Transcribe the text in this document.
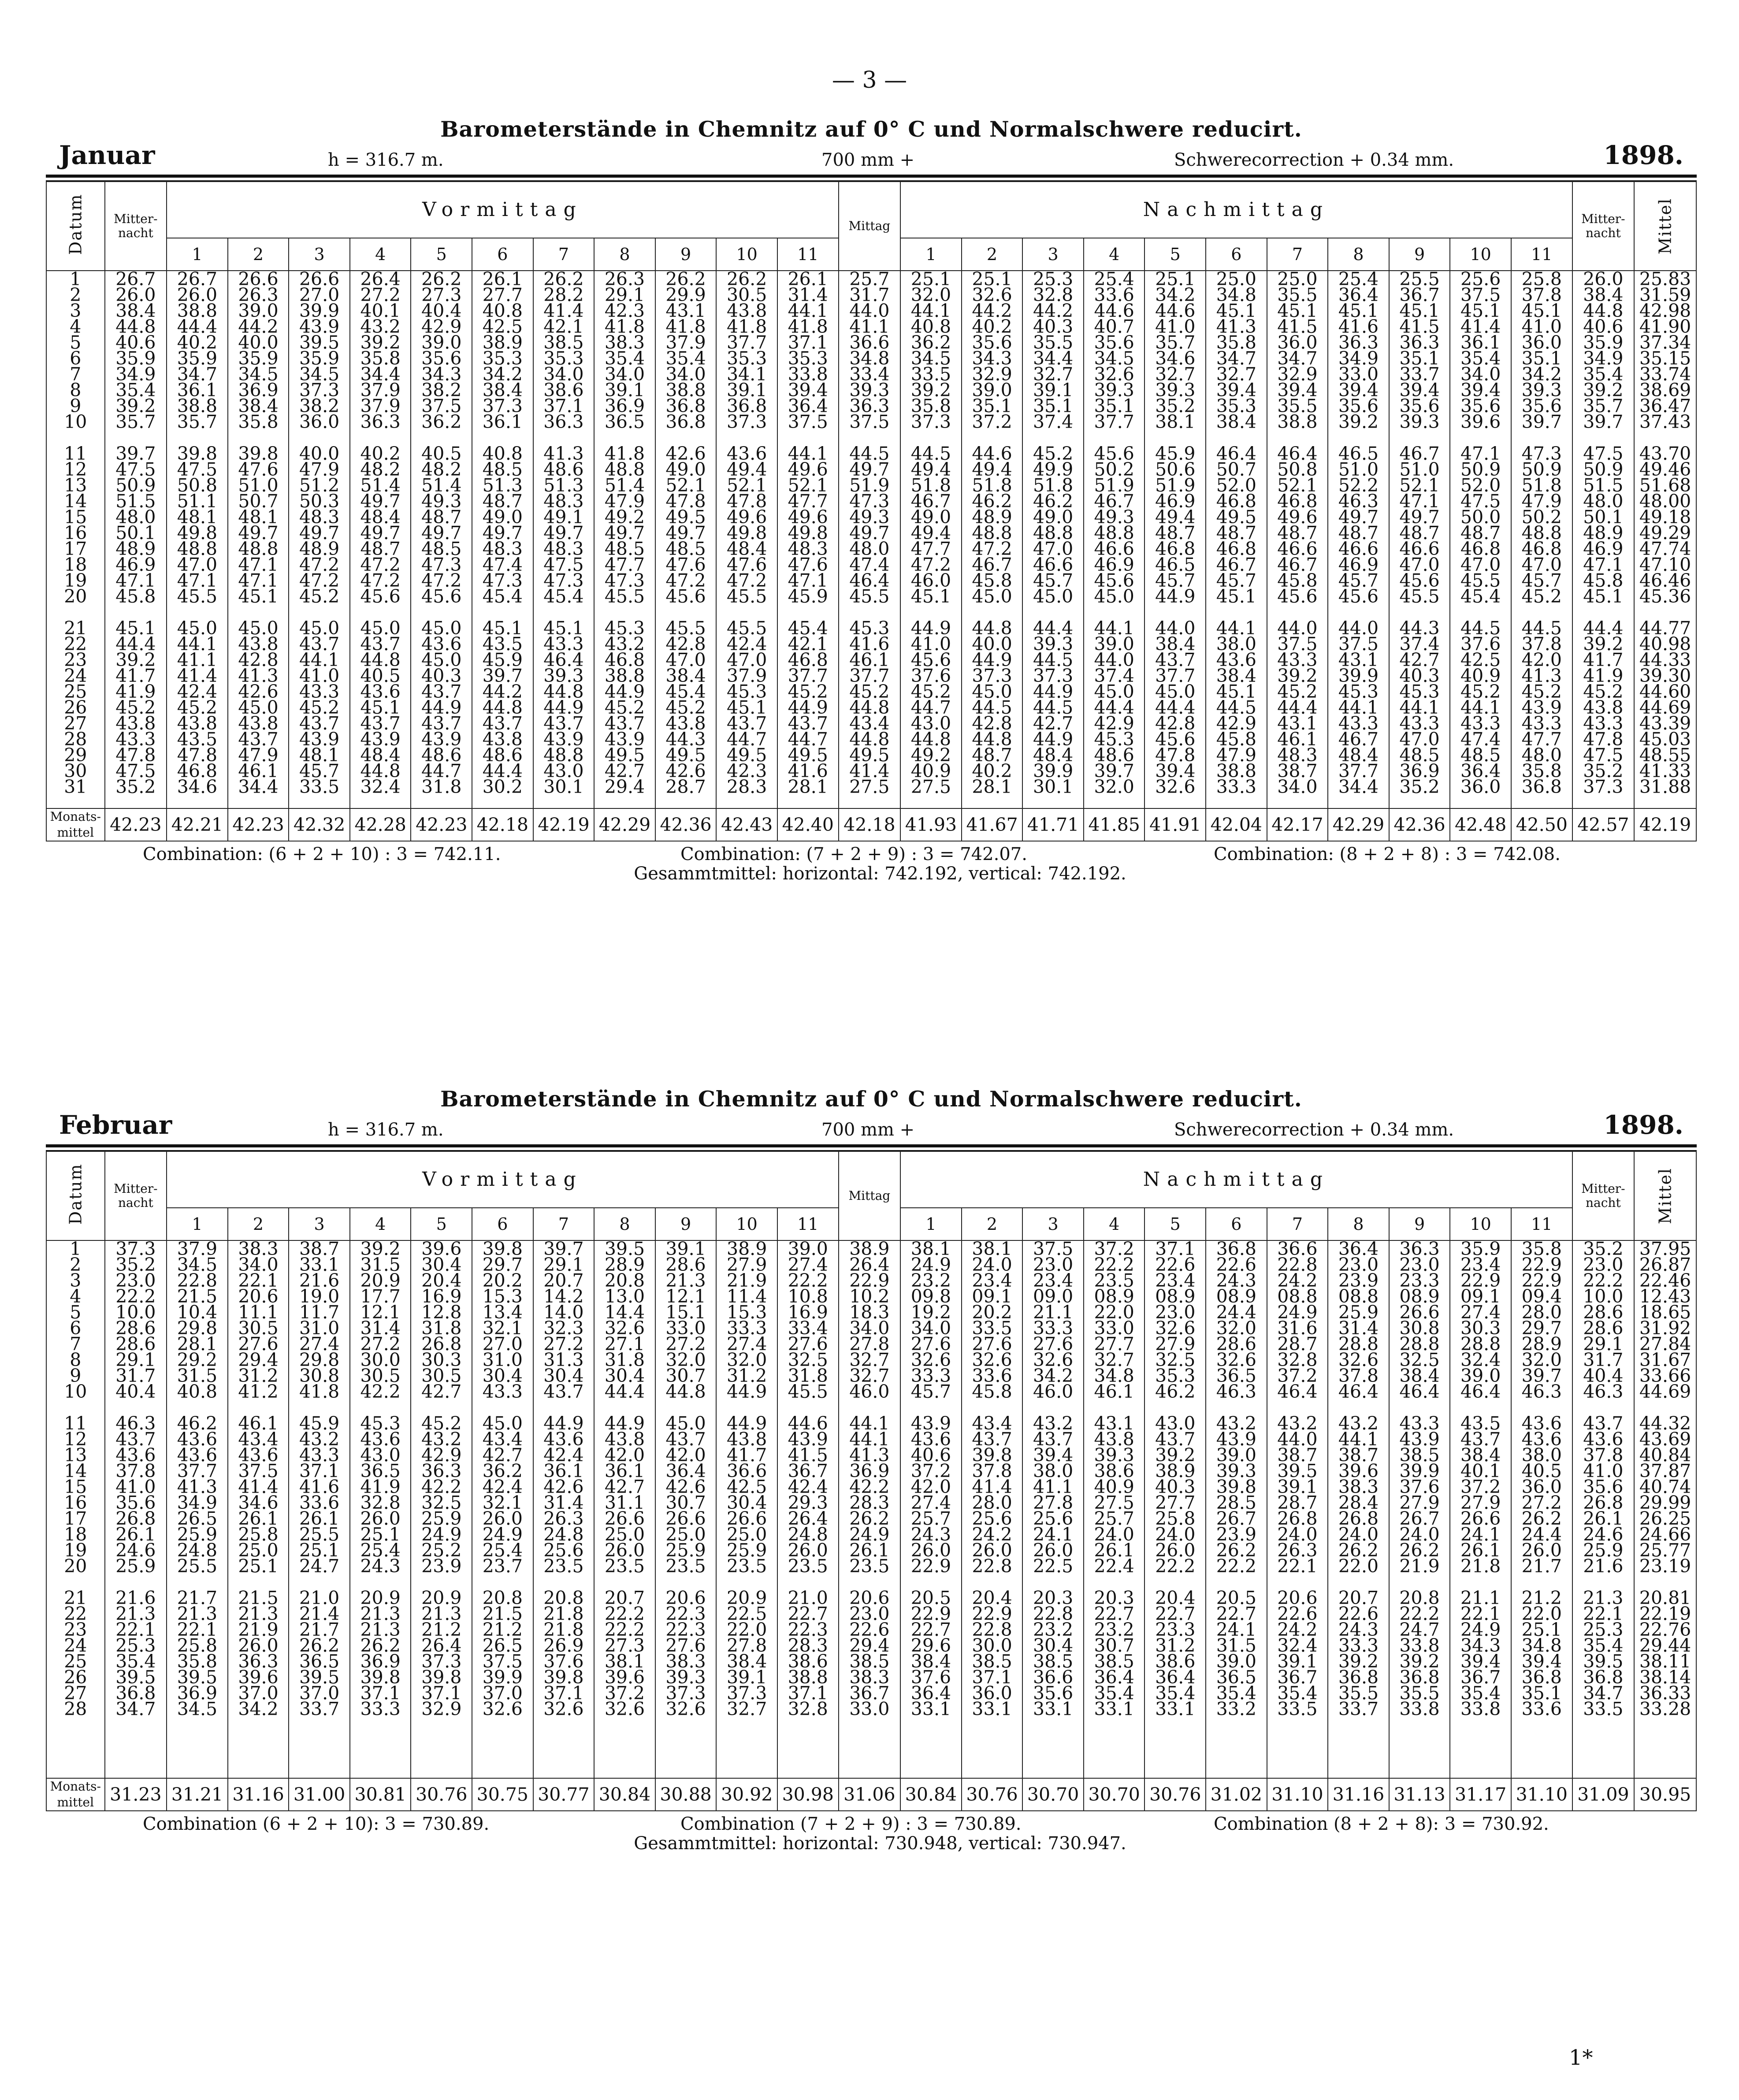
— 3 —
Barometerstände in Chemnitz auf 0° C und Normalschwere reducirt.
Januar	h = 316.7 m.	700 mm +	Schwerecorrection + 0.34 mm.	1898.
Datum	Mitter-nacht	Vormittag											Mittag	Nachmittag											Mitter-nacht	Mittel

		1	2	3	4	5	6	7	8	9	10	11		1	2	3	4	5	6	7	8	9	10	11		
1	26.7	26.7	26.6	26.6	26.4	26.2	26.1	26.2	26.3	26.2	26.2	26.1	25.7	25.1	25.1	25.3	25.4	25.1	25.0	25.0	25.4	25.5	25.6	25.8	26.0	25.83
2	26.0	26.0	26.3	27.0	27.2	27.3	27.7	28.2	29.1	29.9	30.5	31.4	31.7	32.0	32.6	32.8	33.6	34.2	34.8	35.5	36.4	36.7	37.5	37.8	38.4	31.59
3	38.4	38.8	39.0	39.9	40.1	40.4	40.8	41.4	42.3	43.1	43.8	44.1	44.0	44.1	44.2	44.2	44.6	44.6	45.1	45.1	45.1	45.1	45.1	45.1	44.8	42.98
4	44.8	44.4	44.2	43.9	43.2	42.9	42.5	42.1	41.8	41.8	41.8	41.8	41.1	40.8	40.2	40.3	40.7	41.0	41.3	41.5	41.6	41.5	41.4	41.0	40.6	41.90
5	40.6	40.2	40.0	39.5	39.2	39.0	38.9	38.5	38.3	37.9	37.7	37.1	36.6	36.2	35.6	35.5	35.6	35.7	35.8	36.0	36.3	36.3	36.1	36.0	35.9	37.34
6	35.9	35.9	35.9	35.9	35.8	35.6	35.3	35.3	35.4	35.4	35.3	35.3	34.8	34.5	34.3	34.4	34.5	34.6	34.7	34.7	34.9	35.1	35.4	35.1	34.9	35.15
7	34.9	34.7	34.5	34.5	34.4	34.3	34.2	34.0	34.0	34.0	34.1	33.8	33.4	33.5	32.9	32.7	32.6	32.7	32.7	32.9	33.0	33.7	34.0	34.2	35.4	33.74
8	35.4	36.1	36.9	37.3	37.9	38.2	38.4	38.6	39.1	38.8	39.1	39.4	39.3	39.2	39.0	39.1	39.3	39.3	39.4	39.4	39.4	39.4	39.4	39.3	39.2	38.69
9	39.2	38.8	38.4	38.2	37.9	37.5	37.3	37.1	36.9	36.8	36.8	36.4	36.3	35.8	35.1	35.1	35.1	35.2	35.3	35.5	35.6	35.6	35.6	35.6	35.7	36.47
10	35.7	35.7	35.8	36.0	36.3	36.2	36.1	36.3	36.5	36.8	37.3	37.5	37.5	37.3	37.2	37.4	37.7	38.1	38.4	38.8	39.2	39.3	39.6	39.7	39.7	37.43

11	39.7	39.8	39.8	40.0	40.2	40.5	40.8	41.3	41.8	42.6	43.6	44.1	44.5	44.5	44.6	45.2	45.6	45.9	46.4	46.4	46.5	46.7	47.1	47.3	47.5	43.70
12	47.5	47.5	47.6	47.9	48.2	48.2	48.5	48.6	48.8	49.0	49.4	49.6	49.7	49.4	49.4	49.9	50.2	50.6	50.7	50.8	51.0	51.0	50.9	50.9	50.9	49.46
13	50.9	50.8	51.0	51.2	51.4	51.4	51.3	51.3	51.4	52.1	52.1	52.1	51.9	51.8	51.8	51.8	51.9	51.9	52.0	52.1	52.2	52.1	52.0	51.8	51.5	51.68
14	51.5	51.1	50.7	50.3	49.7	49.3	48.7	48.3	47.9	47.8	47.8	47.7	47.3	46.7	46.2	46.2	46.7	46.9	46.8	46.8	46.3	47.1	47.5	47.9	48.0	48.00
15	48.0	48.1	48.1	48.3	48.4	48.7	49.0	49.1	49.2	49.5	49.6	49.6	49.3	49.0	48.9	49.0	49.3	49.4	49.5	49.6	49.7	49.7	50.0	50.2	50.1	49.18
16	50.1	49.8	49.7	49.7	49.7	49.7	49.7	49.7	49.7	49.7	49.8	49.8	49.7	49.4	48.8	48.8	48.8	48.7	48.7	48.7	48.7	48.7	48.7	48.8	48.9	49.29
17	48.9	48.8	48.8	48.9	48.7	48.5	48.3	48.3	48.5	48.5	48.4	48.3	48.0	47.7	47.2	47.0	46.6	46.8	46.8	46.6	46.6	46.6	46.8	46.8	46.9	47.74
18	46.9	47.0	47.1	47.2	47.2	47.3	47.4	47.5	47.7	47.6	47.6	47.6	47.4	47.2	46.7	46.6	46.9	46.5	46.7	46.7	46.9	47.0	47.0	47.0	47.1	47.10
19	47.1	47.1	47.1	47.2	47.2	47.2	47.3	47.3	47.3	47.2	47.2	47.1	46.4	46.0	45.8	45.7	45.6	45.7	45.7	45.8	45.7	45.6	45.5	45.7	45.8	46.46
20	45.8	45.5	45.1	45.2	45.6	45.6	45.4	45.4	45.5	45.6	45.5	45.9	45.5	45.1	45.0	45.0	45.0	44.9	45.1	45.6	45.6	45.5	45.4	45.2	45.1	45.36

21	45.1	45.0	45.0	45.0	45.0	45.0	45.1	45.1	45.3	45.5	45.5	45.4	45.3	44.9	44.8	44.4	44.1	44.0	44.1	44.0	44.0	44.3	44.5	44.5	44.4	44.77
22	44.4	44.1	43.8	43.7	43.7	43.6	43.5	43.3	43.2	42.8	42.4	42.1	41.6	41.0	40.0	39.3	39.0	38.4	38.0	37.5	37.5	37.4	37.6	37.8	39.2	40.98
23	39.2	41.1	42.8	44.1	44.8	45.0	45.9	46.4	46.8	47.0	47.0	46.8	46.1	45.6	44.9	44.5	44.0	43.7	43.6	43.3	43.1	42.7	42.5	42.0	41.7	44.33
24	41.7	41.4	41.3	41.0	40.5	40.3	39.7	39.3	38.8	38.4	37.9	37.7	37.7	37.6	37.3	37.3	37.4	37.7	38.4	39.2	39.9	40.3	40.9	41.3	41.9	39.30
25	41.9	42.4	42.6	43.3	43.6	43.7	44.2	44.8	44.9	45.4	45.3	45.2	45.2	45.2	45.0	44.9	45.0	45.0	45.1	45.2	45.3	45.3	45.2	45.2	45.2	44.60
26	45.2	45.2	45.0	45.2	45.1	44.9	44.8	44.9	45.2	45.2	45.1	44.9	44.8	44.7	44.5	44.5	44.4	44.4	44.5	44.4	44.1	44.1	44.1	43.9	43.8	44.69
27	43.8	43.8	43.8	43.7	43.7	43.7	43.7	43.7	43.7	43.8	43.7	43.7	43.4	43.0	42.8	42.7	42.9	42.8	42.9	43.1	43.3	43.3	43.3	43.3	43.3	43.39
28	43.3	43.5	43.7	43.9	43.9	43.9	43.8	43.9	43.9	44.3	44.7	44.7	44.8	44.8	44.8	44.9	45.3	45.6	45.8	46.1	46.7	47.0	47.4	47.7	47.8	45.03
29	47.8	47.8	47.9	48.1	48.4	48.6	48.6	48.8	49.5	49.5	49.5	49.5	49.5	49.2	48.7	48.4	48.6	47.8	47.9	48.3	48.4	48.5	48.5	48.0	47.5	48.55
30	47.5	46.8	46.1	45.7	44.8	44.7	44.4	43.0	42.7	42.6	42.3	41.6	41.4	40.9	40.2	39.9	39.7	39.4	38.8	38.7	37.7	36.9	36.4	35.8	35.2	41.33
31	35.2	34.6	34.4	33.5	32.4	31.8	30.2	30.1	29.4	28.7	28.3	28.1	27.5	27.5	28.1	30.1	32.0	32.6	33.3	34.0	34.4	35.2	36.0	36.8	37.3	31.88

Monats-mittel	42.23	42.21	42.23	42.32	42.28	42.23	42.18	42.19	42.29	42.36	42.43	42.40	42.18	41.93	41.67	41.71	41.85	41.91	42.04	42.17	42.29	42.36	42.48	42.50	42.57	42.19
Combination: (6 + 2 + 10) : 3 = 742.11.	Combination: (7 + 2 + 9) : 3 = 742.07.	Combination: (8 + 2 + 8) : 3 = 742.08.
Gesammtmittel: horizontal: 742.192, vertical: 742.192.
Barometerstände in Chemnitz auf 0° C und Normalschwere reducirt.
Februar	h = 316.7 m.	700 mm +	Schwerecorrection + 0.34 mm.	1898.
Datum	Mitter-nacht	Vormittag											Mittag	Nachmittag											Mitter-nacht	Mittel

		1	2	3	4	5	6	7	8	9	10	11		1	2	3	4	5	6	7	8	9	10	11		
1	37.3	37.9	38.3	38.7	39.2	39.6	39.8	39.7	39.5	39.1	38.9	39.0	38.9	38.1	38.1	37.5	37.2	37.1	36.8	36.6	36.4	36.3	35.9	35.8	35.2	37.95
2	35.2	34.5	34.0	33.1	31.5	30.4	29.7	29.1	28.9	28.6	27.9	27.4	26.4	24.9	24.0	23.0	22.2	22.6	22.6	22.8	23.0	23.0	23.4	22.9	23.0	26.87
3	23.0	22.8	22.1	21.6	20.9	20.4	20.2	20.7	20.8	21.3	21.9	22.2	22.9	23.2	23.4	23.4	23.5	23.4	24.3	24.2	23.9	23.3	22.9	22.9	22.2	22.46
4	22.2	21.5	20.6	19.0	17.7	16.9	15.3	14.2	13.0	12.1	11.4	10.8	10.2	09.8	09.1	09.0	08.9	08.9	08.9	08.8	08.8	08.9	09.1	09.4	10.0	12.43
5	10.0	10.4	11.1	11.7	12.1	12.8	13.4	14.0	14.4	15.1	15.3	16.9	18.3	19.2	20.2	21.1	22.0	23.0	24.4	24.9	25.9	26.6	27.4	28.0	28.6	18.65
6	28.6	29.8	30.5	31.0	31.4	31.8	32.1	32.3	32.6	33.0	33.3	33.4	34.0	34.0	33.5	33.3	33.0	32.6	32.0	31.6	31.4	30.8	30.3	29.7	28.6	31.92
7	28.6	28.1	27.6	27.4	27.2	26.8	27.0	27.2	27.1	27.2	27.4	27.6	27.8	27.6	27.6	27.6	27.7	27.9	28.6	28.7	28.8	28.8	28.8	28.9	29.1	27.84
8	29.1	29.2	29.4	29.8	30.0	30.3	31.0	31.3	31.8	32.0	32.0	32.5	32.7	32.6	32.6	32.6	32.7	32.5	32.6	32.8	32.6	32.5	32.4	32.0	31.7	31.67
9	31.7	31.5	31.2	30.8	30.5	30.5	30.4	30.4	30.4	30.7	31.2	31.8	32.7	33.3	33.6	34.2	34.8	35.3	36.5	37.2	37.8	38.4	39.0	39.7	40.4	33.66
10	40.4	40.8	41.2	41.8	42.2	42.7	43.3	43.7	44.4	44.8	44.9	45.5	46.0	45.7	45.8	46.0	46.1	46.2	46.3	46.4	46.4	46.4	46.4	46.3	46.3	44.69

11	46.3	46.2	46.1	45.9	45.3	45.2	45.0	44.9	44.9	45.0	44.9	44.6	44.1	43.9	43.4	43.2	43.1	43.0	43.2	43.2	43.2	43.3	43.5	43.6	43.7	44.32
12	43.7	43.6	43.4	43.2	43.6	43.2	43.4	43.6	43.8	43.7	43.8	43.9	44.1	43.6	43.7	43.7	43.8	43.7	43.9	44.0	44.1	43.9	43.7	43.6	43.6	43.69
13	43.6	43.6	43.6	43.3	43.0	42.9	42.7	42.4	42.0	42.0	41.7	41.5	41.3	40.6	39.8	39.4	39.3	39.2	39.0	38.7	38.7	38.5	38.4	38.0	37.8	40.84
14	37.8	37.7	37.5	37.1	36.5	36.3	36.2	36.1	36.1	36.4	36.6	36.7	36.9	37.2	37.8	38.0	38.6	38.9	39.3	39.5	39.6	39.9	40.1	40.5	41.0	37.87
15	41.0	41.3	41.4	41.6	41.9	42.2	42.4	42.6	42.7	42.6	42.5	42.4	42.2	42.0	41.4	41.1	40.9	40.3	39.8	39.1	38.3	37.6	37.2	36.0	35.6	40.74
16	35.6	34.9	34.6	33.6	32.8	32.5	32.1	31.4	31.1	30.7	30.4	29.3	28.3	27.4	28.0	27.8	27.5	27.7	28.5	28.7	28.4	27.9	27.9	27.2	26.8	29.99
17	26.8	26.5	26.1	26.1	26.0	25.9	26.0	26.3	26.6	26.6	26.6	26.4	26.2	25.7	25.6	25.6	25.7	25.8	26.7	26.8	26.8	26.7	26.6	26.2	26.1	26.25
18	26.1	25.9	25.8	25.5	25.1	24.9	24.9	24.8	25.0	25.0	25.0	24.8	24.9	24.3	24.2	24.1	24.0	24.0	23.9	24.0	24.0	24.0	24.1	24.4	24.6	24.66
19	24.6	24.8	25.0	25.1	25.4	25.2	25.4	25.6	26.0	25.9	25.9	26.0	26.1	26.0	26.0	26.0	26.1	26.0	26.2	26.3	26.2	26.2	26.1	26.0	25.9	25.77
20	25.9	25.5	25.1	24.7	24.3	23.9	23.7	23.5	23.5	23.5	23.5	23.5	23.5	22.9	22.8	22.5	22.4	22.2	22.2	22.1	22.0	21.9	21.8	21.7	21.6	23.19

21	21.6	21.7	21.5	21.0	20.9	20.9	20.8	20.8	20.7	20.6	20.9	21.0	20.6	20.5	20.4	20.3	20.3	20.4	20.5	20.6	20.7	20.8	21.1	21.2	21.3	20.81
22	21.3	21.3	21.3	21.4	21.3	21.3	21.5	21.8	22.2	22.3	22.5	22.7	23.0	22.9	22.9	22.8	22.7	22.7	22.7	22.6	22.6	22.2	22.1	22.0	22.1	22.19
23	22.1	22.1	21.9	21.7	21.3	21.2	21.2	21.8	22.2	22.3	22.0	22.3	22.6	22.7	22.8	23.2	23.2	23.3	24.1	24.2	24.3	24.7	24.9	25.1	25.3	22.76
24	25.3	25.8	26.0	26.2	26.2	26.4	26.5	26.9	27.3	27.6	27.8	28.3	29.4	29.6	30.0	30.4	30.7	31.2	31.5	32.4	33.3	33.8	34.3	34.8	35.4	29.44
25	35.4	35.8	36.3	36.5	36.9	37.3	37.5	37.6	38.1	38.3	38.4	38.6	38.5	38.4	38.5	38.5	38.5	38.6	39.0	39.1	39.2	39.2	39.4	39.4	39.5	38.11
26	39.5	39.5	39.6	39.5	39.8	39.8	39.9	39.8	39.6	39.3	39.1	38.8	38.3	37.6	37.1	36.6	36.4	36.4	36.5	36.7	36.8	36.8	36.7	36.8	36.8	38.14
27	36.8	36.9	37.0	37.0	37.1	37.1	37.0	37.1	37.2	37.3	37.3	37.1	36.7	36.4	36.0	35.6	35.4	35.4	35.4	35.4	35.5	35.5	35.4	35.1	34.7	36.33
28	34.7	34.5	34.2	33.7	33.3	32.9	32.6	32.6	32.6	32.6	32.7	32.8	33.0	33.1	33.1	33.1	33.1	33.1	33.2	33.5	33.7	33.8	33.8	33.6	33.5	33.28

Monats-mittel	31.23	31.21	31.16	31.00	30.81	30.76	30.75	30.77	30.84	30.88	30.92	30.98	31.06	30.84	30.76	30.70	30.70	30.76	31.02	31.10	31.16	31.13	31.17	31.10	31.09	30.95
Combination (6 + 2 + 10): 3 = 730.89.	Combination (7 + 2 + 9) : 3 = 730.89.	Combination (8 + 2 + 8): 3 = 730.92.
Gesammtmittel: horizontal: 730.948, vertical: 730.947.
1*
